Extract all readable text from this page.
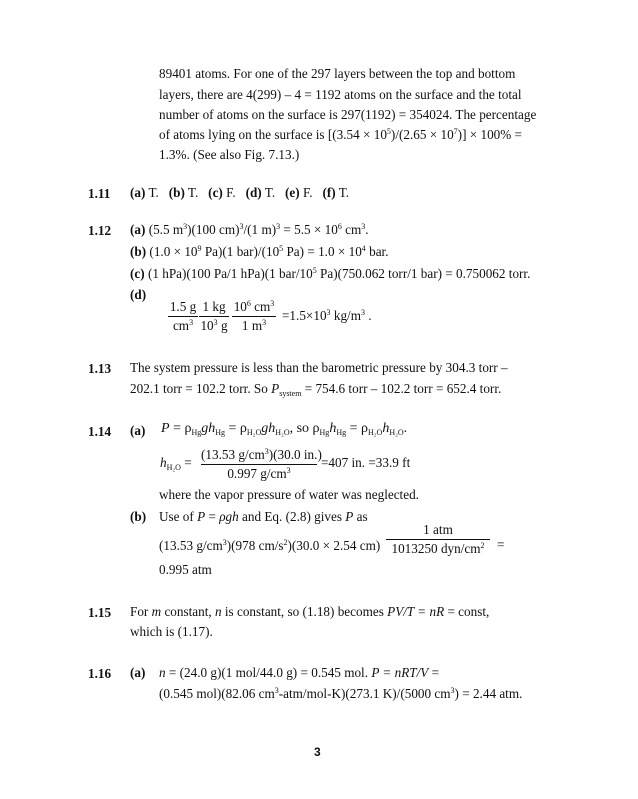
89401 atoms. For one of the 297 layers between the top and bottom
layers, there are 4(299) – 4 = 1192 atoms on the surface and the total
number of atoms on the surface is 297(1192) = 354024. The percentage
of atoms lying on the surface is $[(3.54 \times 10^5)/(2.65 \times 10^7)] \times 100\%$ =
1.3%. (See also Fig. 7.13.)
1.11 (a) T. (b) T. (c) F. (d) T. (e) F. (f) T.
1.12 (a) (5.5 $m^3)(100$ cm)$^3$/(1 $m)^3 = 5.5 \times 10^6$ $cm^3$.
(b) ($1.0 \times 10^9$ Pa)(1 $bar)/(10^5$ $Pa) = 1.0 \times 10^4$ bar.
(c) (1 hPa)(100 Pa/1 hPa)(1 bar/$10^5$ Pa)(750.062 torr/1 bar) = 0.750062 torr.
(d)
1.5 g
$cm^3$
1 kg
$10^3$ g
$10^6$ $cm^3$
1 $m^3$	$=1.5\times 10^3$ $kg/m^3$ .
1.13 The system pressure is less than the barometric pressure by 304.3 torr –
202.1 torr = 102.2 torr. So $P_{system} = 754.6$ torr – 102.2 torr = 652.4 torr.
1.14 (a) $P = \rho_{Hg}gh_{Hg} = \rho_{H_2O}gh_{H_2O}$, so $\rho_{Hg}h_{Hg} = \rho_{H_2O}h_{H_2O}$.
$h_{H_2O}$ =
(13.53 $g/cm^3)(30.0$ in.)
0.997 $g/cm^3$
=407 in. =33.9 ft
where the vapor pressure of water was neglected.
(b) Use of P = ρgh and Eq. (2.8) gives P as
(13.53 $g/cm^3)(978$ $cm/s^2)(30.0 \times 2.54$ cm)
1 atm
1013250 dyn/$cm^2$ =
0.995 atm
1.15 For m constant, n is constant, so (1.18) becomes PV/T = nR = const,
which is (1.17).
1.16 (a) n = (24.0 g)(1 mol/44.0 g) = 0.545 mol. P = nRT/V =
(0.545 mol)(82.06 $cm^3-atm/mol-K)(273.1$ K)/(5000 $cm^3) = 2.44$ atm.
3
